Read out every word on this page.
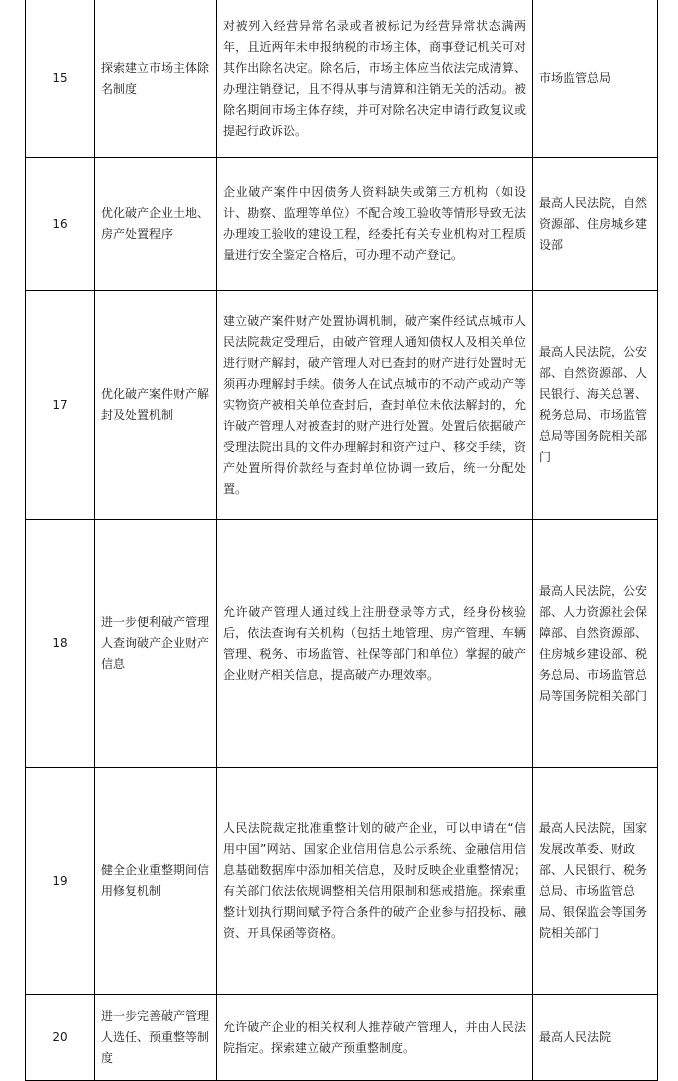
15	探索建立市场主体除名制度	对被列入经营异常名录或者被标记为经营异常状态满两年，且近两年未申报纳税的市场主体，商事登记机关可对其作出除名决定。除名后，市场主体应当依法完成清算、办理注销登记，且不得从事与清算和注销无关的活动。被除名期间市场主体存续，并可对除名决定申请行政复议或提起行政诉讼。	市场监管总局

16	优化破产企业土地、房产处置程序	企业破产案件中因债务人资料缺失或第三方机构（如设计、勘察、监理等单位）不配合竣工验收等情形导致无法办理竣工验收的建设工程，经委托有关专业机构对工程质量进行安全鉴定合格后，可办理不动产登记。	最高人民法院，自然资源部、住房城乡建设部

17	优化破产案件财产解封及处置机制	建立破产案件财产处置协调机制，破产案件经试点城市人民法院裁定受理后，由破产管理人通知债权人及相关单位进行财产解封，破产管理人对已查封的财产进行处置时无须再办理解封手续。债务人在试点城市的不动产或动产等实物资产被相关单位查封后，查封单位未依法解封的，允许破产管理人对被查封的财产进行处置。处置后依据破产受理法院出具的文件办理解封和资产过户、移交手续，资产处置所得价款经与查封单位协调一致后，统一分配处置。	最高人民法院，公安部、自然资源部、人民银行、海关总署、税务总局、市场监管总局等国务院相关部门

18	进一步便利破产管理人查询破产企业财产信息	允许破产管理人通过线上注册登录等方式，经身份核验后，依法查询有关机构（包括土地管理、房产管理、车辆管理、税务、市场监管、社保等部门和单位）掌握的破产企业财产相关信息，提高破产办理效率。	最高人民法院，公安部、人力资源社会保障部、自然资源部、住房城乡建设部、税务总局、市场监管总局等国务院相关部门

19	健全企业重整期间信用修复机制	人民法院裁定批准重整计划的破产企业，可以申请在“信用中国”网站、国家企业信用信息公示系统、金融信用信息基础数据库中添加相关信息，及时反映企业重整情况；有关部门依法依规调整相关信用限制和惩戒措施。探索重整计划执行期间赋予符合条件的破产企业参与招投标、融资、开具保函等资格。	最高人民法院，国家发展改革委、财政部、人民银行、税务总局、市场监管总局、银保监会等国务院相关部门

20	进一步完善破产管理人选任、预重整等制度	允许破产企业的相关权利人推荐破产管理人，并由人民法院指定。探索建立破产预重整制度。	最高人民法院
